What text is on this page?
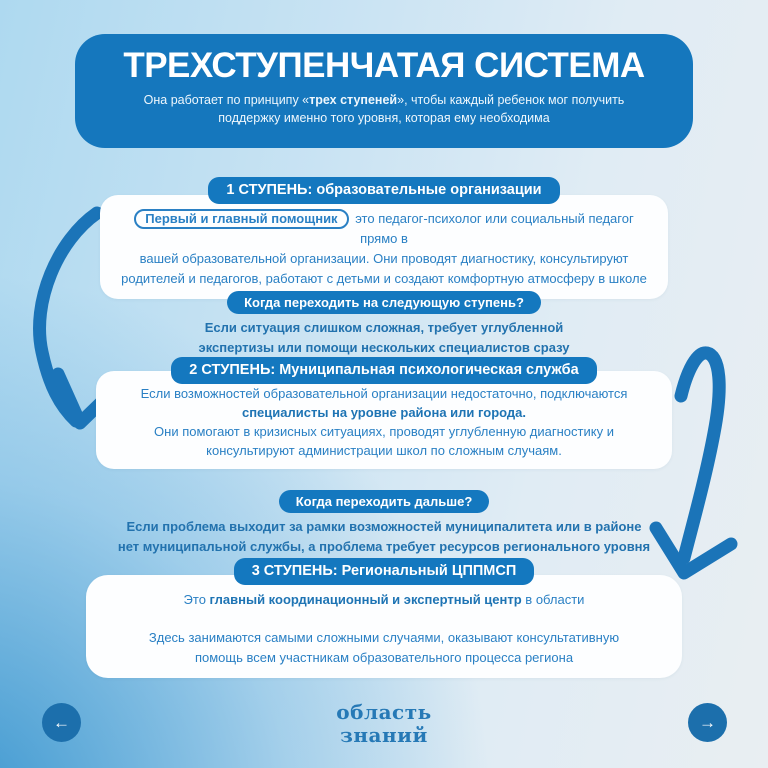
ТРЕХСТУПЕНЧАТАЯ СИСТЕМА

Она работает по принципу «трех ступеней», чтобы каждый ребенок мог получить
поддержку именно того уровня, которая ему необходима

1 СТУПЕНЬ: образовательные организации
Первый и главный помощник это педагог-психолог или социальный педагог прямо в
вашей образовательной организации. Они проводят диагностику, консультируют
родителей и педагогов, работают с детьми и создают комфортную атмосферу в школе
Когда переходить на следующую ступень?
Если ситуация слишком сложная, требует углубленной
экспертизы или помощи нескольких специалистов сразу
2 СТУПЕНЬ: Муниципальная психологическая служба
Если возможностей образовательной организации недостаточно, подключаются
специалисты на уровне района или города.
Они помогают в кризисных ситуациях, проводят углубленную диагностику и
консультируют администрации школ по сложным случаям.
Когда переходить дальше?
Если проблема выходит за рамки возможностей муниципалитета или в районе
нет муниципальной службы, а проблема требует ресурсов регионального уровня
3 СТУПЕНЬ: Региональный ЦППМСП
Это главный координационный и экспертный центр в области
Здесь занимаются самыми сложными случаями, оказывают консультативную
помощь всем участникам образовательного процесса региона
←	область
знаний
→
